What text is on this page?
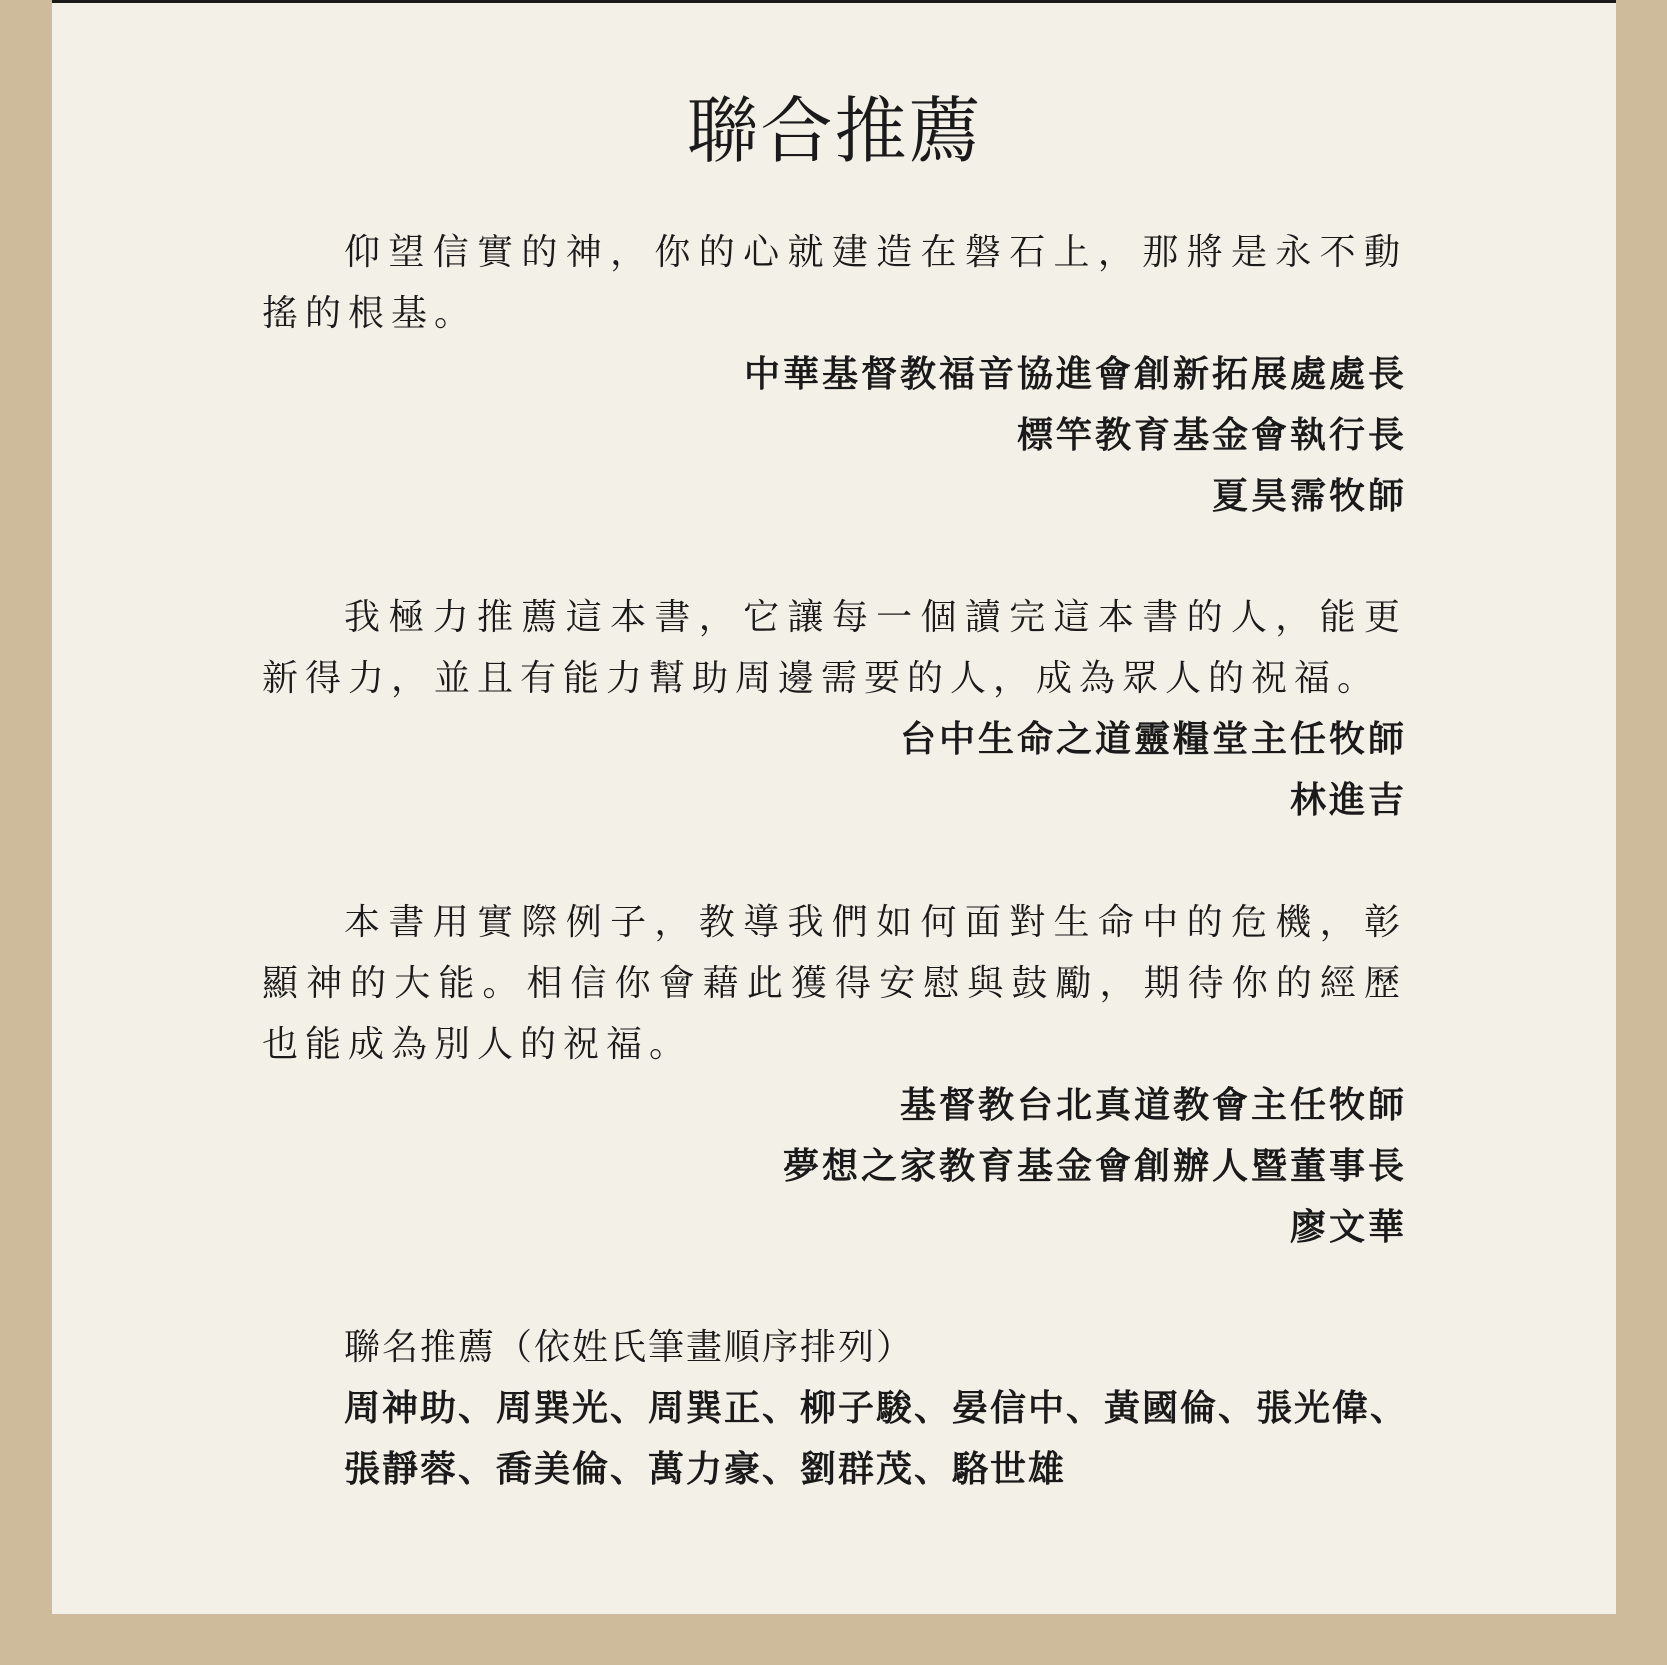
聯合推薦

仰望信實的神，你的心就建造在磐石上，那將是永不動搖的根基。

中華基督教福音協進會創新拓展處處長
標竿教育基金會執行長
夏昊霈牧師

我極力推薦這本書，它讓每一個讀完這本書的人，能更新得力，並且有能力幫助周邊需要的人，成為眾人的祝福。

台中生命之道靈糧堂主任牧師
林進吉

本書用實際例子，教導我們如何面對生命中的危機，彰顯神的大能。相信你會藉此獲得安慰與鼓勵，期待你的經歷也能成為別人的祝福。

基督教台北真道教會主任牧師
夢想之家教育基金會創辦人暨董事長
廖文華

聯名推薦（依姓氏筆畫順序排列）

周神助、周巽光、周巽正、柳子駿、晏信中、黃國倫、張光偉、
張靜蓉、喬美倫、萬力豪、劉群茂、駱世雄
